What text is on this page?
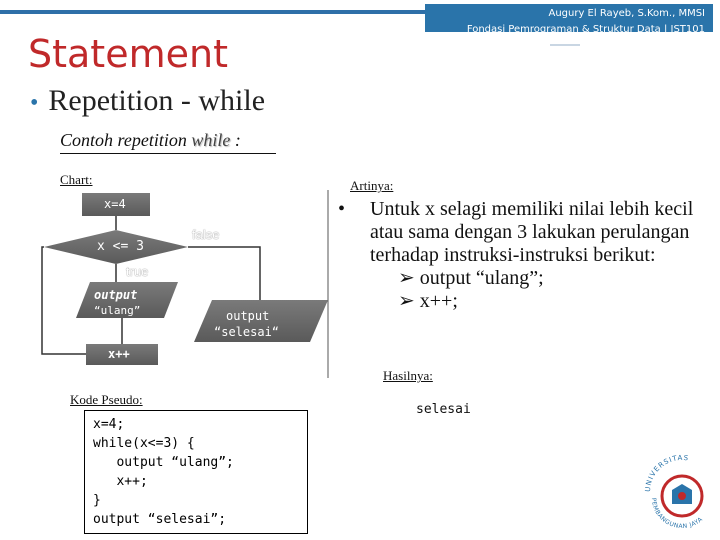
Augury El Rayeb, S.Kom., MMSI
Fondasi Pemrograman & Struktur Data | IST101
Statement
• Repetition - while
Contoh repetition while :
Chart:	Artinya:
x=4
x <= 3
false
true
output
“ulang”
x++
output
“selesai“
• Untuk x selagi memiliki nilai lebih kecil atau sama dengan 3 lakukan perulangan terhadap instruksi-instruksi berikut:
➢ output “ulang”;
➢ x++;
Hasilnya:
selesai
Kode Pseudo:
x=4;
while(x<=3) {
output “ulang”;
x++;
}
output “selesai”;
UNIVERSITAS
PEMBANGUNAN JAYA
